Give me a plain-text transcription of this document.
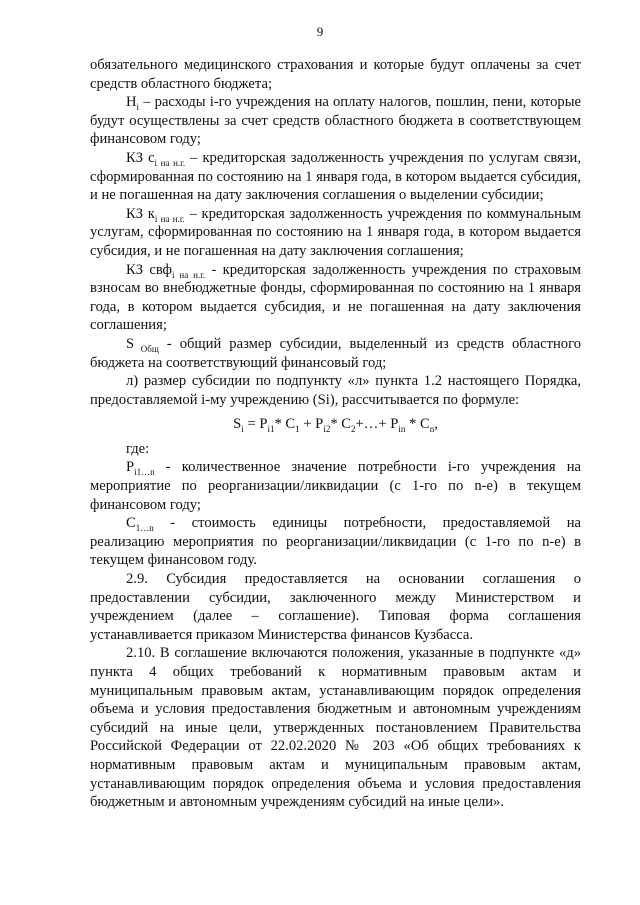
9

обязательного медицинского страхования и которые будут оплачены за счет средств областного бюджета;

$Н_i$ – расходы i-го учреждения на оплату налогов, пошлин, пени, которые будут осуществлены за счет средств областного бюджета в соответствующем финансовом году;

КЗ $с_{i на н.г.}$ – кредиторская задолженность учреждения по услугам связи, сформированная по состоянию на 1 января года, в котором выдается субсидия, и не погашенная на дату заключения соглашения о выделении субсидии;

КЗ $к_{i на н.г.}$ – кредиторская задолженность учреждения по коммунальным услугам, сформированная по состоянию на 1 января года, в котором выдается субсидия, и не погашенная на дату заключения соглашения;

КЗ свф$_{i на н.г.}$ - кредиторская задолженность учреждения по страховым взносам во внебюджетные фонды, сформированная по состоянию на 1 января года, в котором выдается субсидия, и не погашенная на дату заключения соглашения;

S $_{Общ}$ - общий размер субсидии, выделенный из средств областного бюджета на соответствующий финансовый год;

л) размер субсидии по подпункту «л» пункта 1.2 настоящего Порядка, предоставляемой i-му учреждению (Si), рассчитывается по формуле:

$S_i = P_{i1}*$ $C_1 + P_{i2}*$ $C_2+\dots+ P_{in} * C_n$,

где:

$P_{i1\dots n}$ - количественное значение потребности i-го учреждения на мероприятие по реорганизации/ликвидации (с 1-го по n-е) в текущем финансовом году;

$С_{1\dots n}$ - стоимость единицы потребности, предоставляемой на реализацию мероприятия по реорганизации/ликвидации (с 1-го по n-е) в текущем финансовом году.

2.9. Субсидия предоставляется на основании соглашения о предоставлении субсидии, заключенного между Министерством и учреждением (далее – соглашение). Типовая форма соглашения устанавливается приказом Министерства финансов Кузбасса.

2.10. В соглашение включаются положения, указанные в подпункте «д» пункта 4 общих требований к нормативным правовым актам и муниципальным правовым актам, устанавливающим порядок определения объема и условия предоставления бюджетным и автономным учреждениям субсидий на иные цели, утвержденных постановлением Правительства Российской Федерации от 22.02.2020 № 203 «Об общих требованиях к нормативным правовым актам и муниципальным правовым актам, устанавливающим порядок определения объема и условия предоставления бюджетным и автономным учреждениям субсидий на иные цели».
